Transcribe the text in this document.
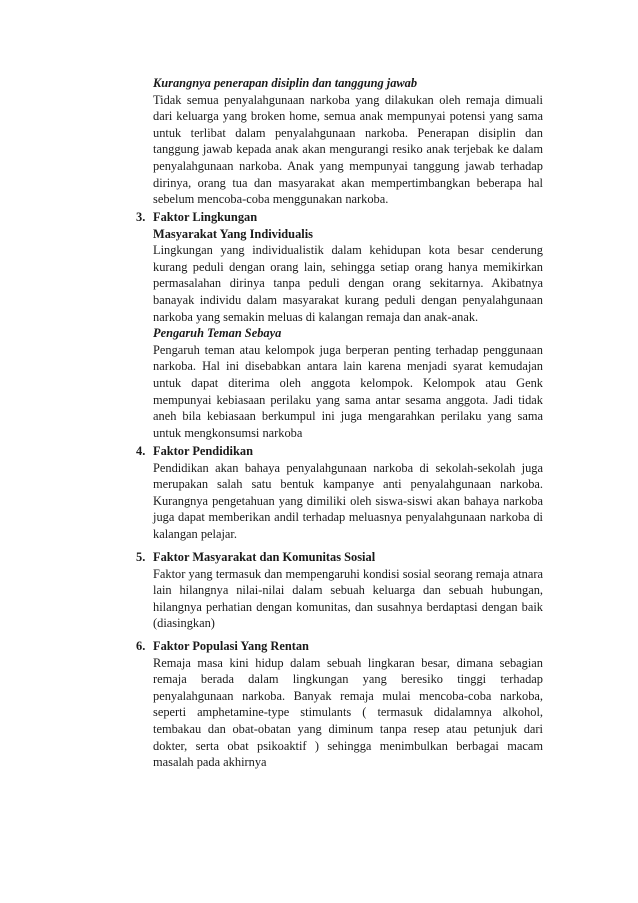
Kurangnya penerapan disiplin dan tanggung jawab

Tidak semua penyalahgunaan narkoba yang dilakukan oleh remaja dimuali dari keluarga yang broken home, semua anak mempunyai potensi yang sama untuk terlibat dalam penyalahgunaan narkoba. Penerapan disiplin dan tanggung jawab kepada anak akan mengurangi resiko anak terjebak ke dalam penyalahgunaan narkoba. Anak yang mempunyai tanggung jawab terhadap dirinya, orang tua dan masyarakat akan mempertimbangkan beberapa hal sebelum mencoba-coba menggunakan narkoba.

3. Faktor Lingkungan
Masyarakat Yang Individualis

Lingkungan yang individualistik dalam kehidupan kota besar cenderung kurang peduli dengan orang lain, sehingga setiap orang hanya memikirkan permasalahan dirinya tanpa peduli dengan orang sekitarnya. Akibatnya banayak individu dalam masyarakat kurang peduli dengan penyalahgunaan narkoba yang semakin meluas di kalangan remaja dan anak-anak.

Pengaruh Teman Sebaya

Pengaruh teman atau kelompok juga berperan penting terhadap penggunaan narkoba. Hal ini disebabkan antara lain karena menjadi syarat kemudajan untuk dapat diterima oleh anggota kelompok. Kelompok atau Genk mempunyai kebiasaan perilaku yang sama antar sesama anggota. Jadi tidak aneh bila kebiasaan berkumpul ini juga mengarahkan perilaku yang sama untuk mengkonsumsi narkoba

4. Faktor Pendidikan

Pendidikan akan bahaya penyalahgunaan narkoba di sekolah-sekolah juga merupakan salah satu bentuk kampanye anti penyalahgunaan narkoba. Kurangnya pengetahuan yang dimiliki oleh siswa-siswi akan bahaya narkoba juga dapat memberikan andil terhadap meluasnya penyalahgunaan narkoba di kalangan pelajar.

5. Faktor Masyarakat dan Komunitas Sosial

Faktor yang termasuk dan mempengaruhi kondisi sosial seorang remaja atnara lain hilangnya nilai-nilai dalam sebuah keluarga dan sebuah hubungan, hilangnya perhatian dengan komunitas, dan susahnya berdaptasi dengan baik (diasingkan)

6. Faktor Populasi Yang Rentan

Remaja masa kini hidup dalam sebuah lingkaran besar, dimana sebagian remaja berada dalam lingkungan yang beresiko tinggi terhadap penyalahgunaan narkoba. Banyak remaja mulai mencoba-coba narkoba, seperti amphetamine-type stimulants ( termasuk didalamnya alkohol, tembakau dan obat-obatan yang diminum tanpa resep atau petunjuk dari dokter, serta obat psikoaktif ) sehingga menimbulkan berbagai macam masalah pada akhirnya
